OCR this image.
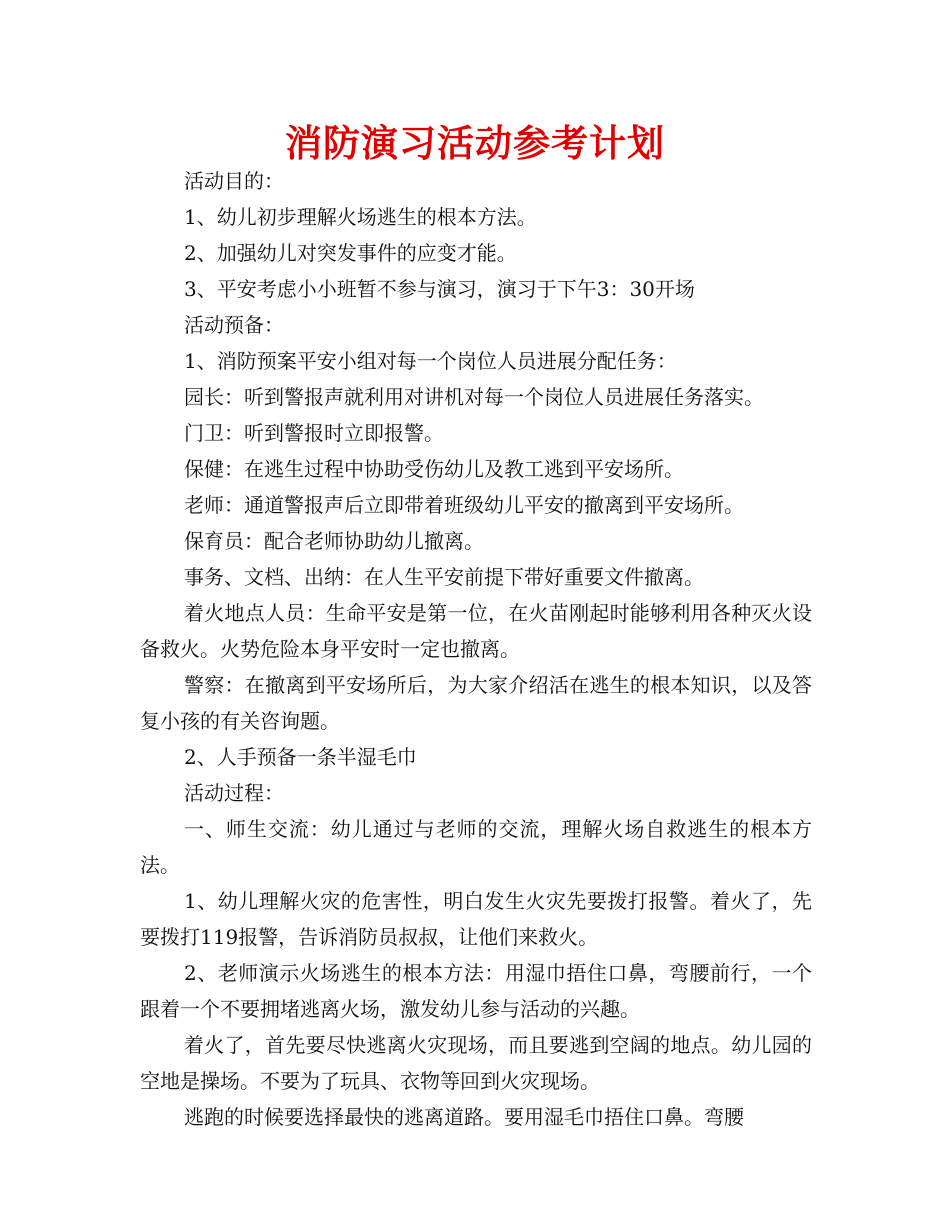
消防演习活动参考计划

活动目的：

1、幼儿初步理解火场逃生的根本方法。

2、加强幼儿对突发事件的应变才能。

3、平安考虑小小班暂不参与演习，演习于下午3：30开场

活动预备：

1、消防预案平安小组对每一个岗位人员进展分配任务：

园长：听到警报声就利用对讲机对每一个岗位人员进展任务落实。

门卫：听到警报时立即报警。

保健：在逃生过程中协助受伤幼儿及教工逃到平安场所。

老师：通道警报声后立即带着班级幼儿平安的撤离到平安场所。

保育员：配合老师协助幼儿撤离。

事务、文档、出纳：在人生平安前提下带好重要文件撤离。

着火地点人员：生命平安是第一位，在火苗刚起时能够利用各种灭火设备救火。火势危险本身平安时一定也撤离。

警察：在撤离到平安场所后，为大家介绍活在逃生的根本知识，以及答复小孩的有关咨询题。

2、人手预备一条半湿毛巾

活动过程：

一、师生交流：幼儿通过与老师的交流，理解火场自救逃生的根本方法。

1、幼儿理解火灾的危害性，明白发生火灾先要拨打报警。着火了，先要拨打119报警，告诉消防员叔叔，让他们来救火。

2、老师演示火场逃生的根本方法：用湿巾捂住口鼻，弯腰前行，一个跟着一个不要拥堵逃离火场，激发幼儿参与活动的兴趣。

着火了，首先要尽快逃离火灾现场，而且要逃到空阔的地点。幼儿园的空地是操场。不要为了玩具、衣物等回到火灾现场。

逃跑的时候要选择最快的逃离道路。要用湿毛巾捂住口鼻。弯腰
